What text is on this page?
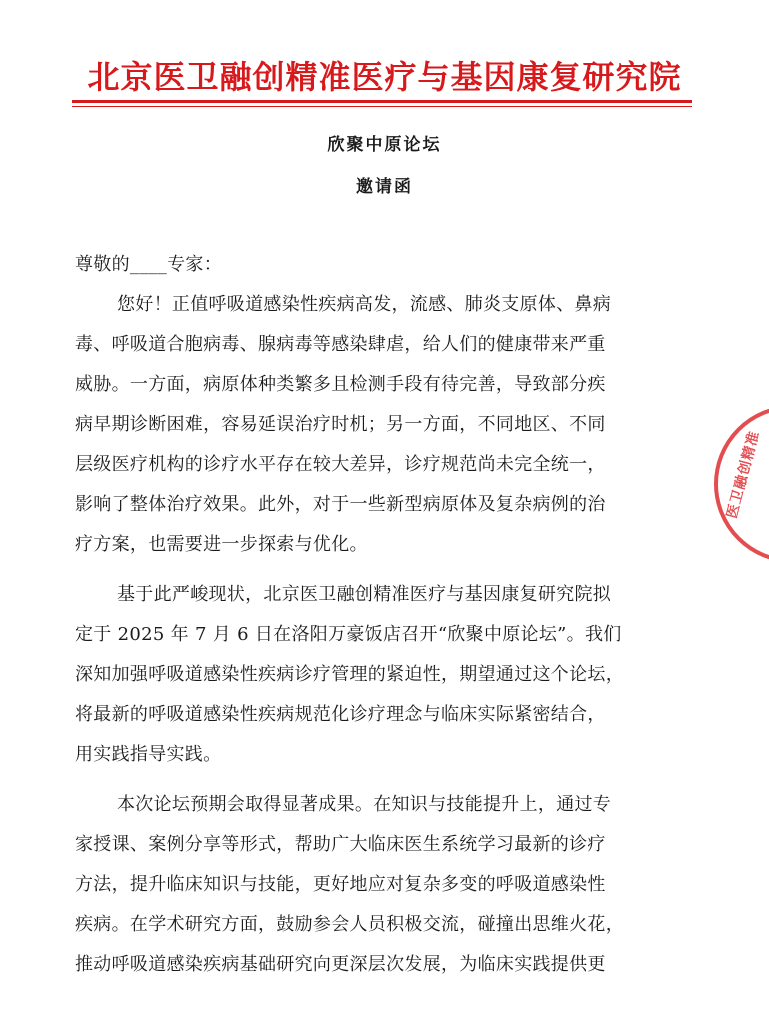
北京医卫融创精准医疗与基因康复研究院
欣聚中原论坛
邀请函
尊敬的____专家：
您好！正值呼吸道感染性疾病高发，流感、肺炎支原体、鼻病
毒、呼吸道合胞病毒、腺病毒等感染肆虐，给人们的健康带来严重
威胁。一方面，病原体种类繁多且检测手段有待完善，导致部分疾
病早期诊断困难，容易延误治疗时机；另一方面，不同地区、不同
层级医疗机构的诊疗水平存在较大差异，诊疗规范尚未完全统一，
影响了整体治疗效果。此外，对于一些新型病原体及复杂病例的治
疗方案，也需要进一步探索与优化。
基于此严峻现状，北京医卫融创精准医疗与基因康复研究院拟
定于 2025 年 7 月 6 日在洛阳万豪饭店召开“欣聚中原论坛”。我们
深知加强呼吸道感染性疾病诊疗管理的紧迫性，期望通过这个论坛，
将最新的呼吸道感染性疾病规范化诊疗理念与临床实际紧密结合，
用实践指导实践。
本次论坛预期会取得显著成果。在知识与技能提升上，通过专
家授课、案例分享等形式，帮助广大临床医生系统学习最新的诊疗
方法，提升临床知识与技能，更好地应对复杂多变的呼吸道感染性
疾病。在学术研究方面，鼓励参会人员积极交流，碰撞出思维火花，
推动呼吸道感染疾病基础研究向更深层次发展，为临床实践提供更
医卫融创精准
